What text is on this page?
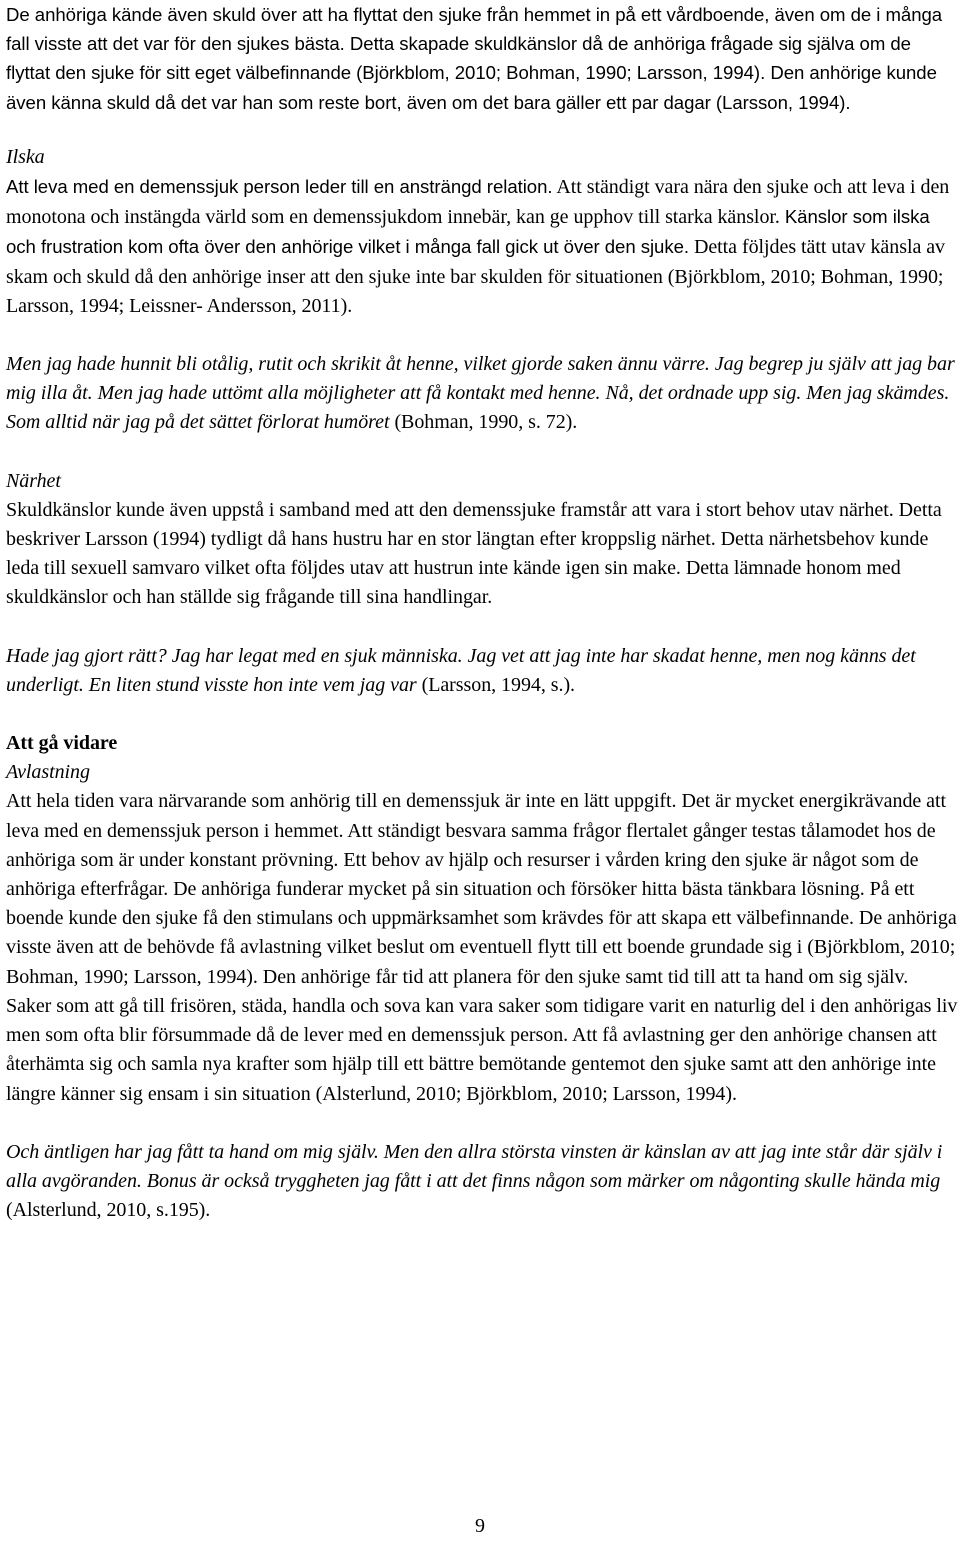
De anhöriga kände även skuld över att ha flyttat den sjuke från hemmet in på ett vårdboende, även om de i många fall visste att det var för den sjukes bästa. Detta skapade skuldkänslor då de anhöriga frågade sig själva om de flyttat den sjuke för sitt eget välbefinnande (Björkblom, 2010; Bohman, 1990; Larsson, 1994). Den anhörige kunde även känna skuld då det var han som reste bort, även om det bara gäller ett par dagar (Larsson, 1994).

Ilska

Att leva med en demenssjuk person leder till en ansträngd relation. Att ständigt vara nära den sjuke och att leva i den monotona och instängda värld som en demenssjukdom innebär, kan ge upphov till starka känslor. Känslor som ilska och frustration kom ofta över den anhörige vilket i många fall gick ut över den sjuke. Detta följdes tätt utav känsla av skam och skuld då den anhörige inser att den sjuke inte bar skulden för situationen (Björkblom, 2010; Bohman, 1990; Larsson, 1994; Leissner- Andersson, 2011).

Men jag hade hunnit bli otålig, rutit och skrikit åt henne, vilket gjorde saken ännu värre. Jag begrep ju själv att jag bar mig illa åt. Men jag hade uttömt alla möjligheter att få kontakt med henne. Nå, det ordnade upp sig. Men jag skämdes. Som alltid när jag på det sättet förlorat humöret (Bohman, 1990, s. 72).

Närhet

Skuldkänslor kunde även uppstå i samband med att den demenssjuke framstår att vara i stort behov utav närhet. Detta beskriver Larsson (1994) tydligt då hans hustru har en stor längtan efter kroppslig närhet. Detta närhetsbehov kunde leda till sexuell samvaro vilket ofta följdes utav att hustrun inte kände igen sin make. Detta lämnade honom med skuldkänslor och han ställde sig frågande till sina handlingar.

Hade jag gjort rätt? Jag har legat med en sjuk människa. Jag vet att jag inte har skadat henne, men nog känns det underligt. En liten stund visste hon inte vem jag var (Larsson, 1994, s.).

Att gå vidare

Avlastning

Att hela tiden vara närvarande som anhörig till en demenssjuk är inte en lätt uppgift. Det är mycket energikrävande att leva med en demenssjuk person i hemmet. Att ständigt besvara samma frågor flertalet gånger testas tålamodet hos de anhöriga som är under konstant prövning. Ett behov av hjälp och resurser i vården kring den sjuke är något som de anhöriga efterfrågar. De anhöriga funderar mycket på sin situation och försöker hitta bästa tänkbara lösning. På ett boende kunde den sjuke få den stimulans och uppmärksamhet som krävdes för att skapa ett välbefinnande. De anhöriga visste även att de behövde få avlastning vilket beslut om eventuell flytt till ett boende grundade sig i (Björkblom, 2010; Bohman, 1990; Larsson, 1994). Den anhörige får tid att planera för den sjuke samt tid till att ta hand om sig själv. Saker som att gå till frisören, städa, handla och sova kan vara saker som tidigare varit en naturlig del i den anhörigas liv men som ofta blir försummade då de lever med en demenssjuk person. Att få avlastning ger den anhörige chansen att återhämta sig och samla nya krafter som hjälp till ett bättre bemötande gentemot den sjuke samt att den anhörige inte längre känner sig ensam i sin situation (Alsterlund, 2010; Björkblom, 2010; Larsson, 1994).

Och äntligen har jag fått ta hand om mig själv. Men den allra största vinsten är känslan av att jag inte står där själv i alla avgöranden. Bonus är också tryggheten jag fått i att det finns någon som märker om någonting skulle hända mig (Alsterlund, 2010, s.195).

9
